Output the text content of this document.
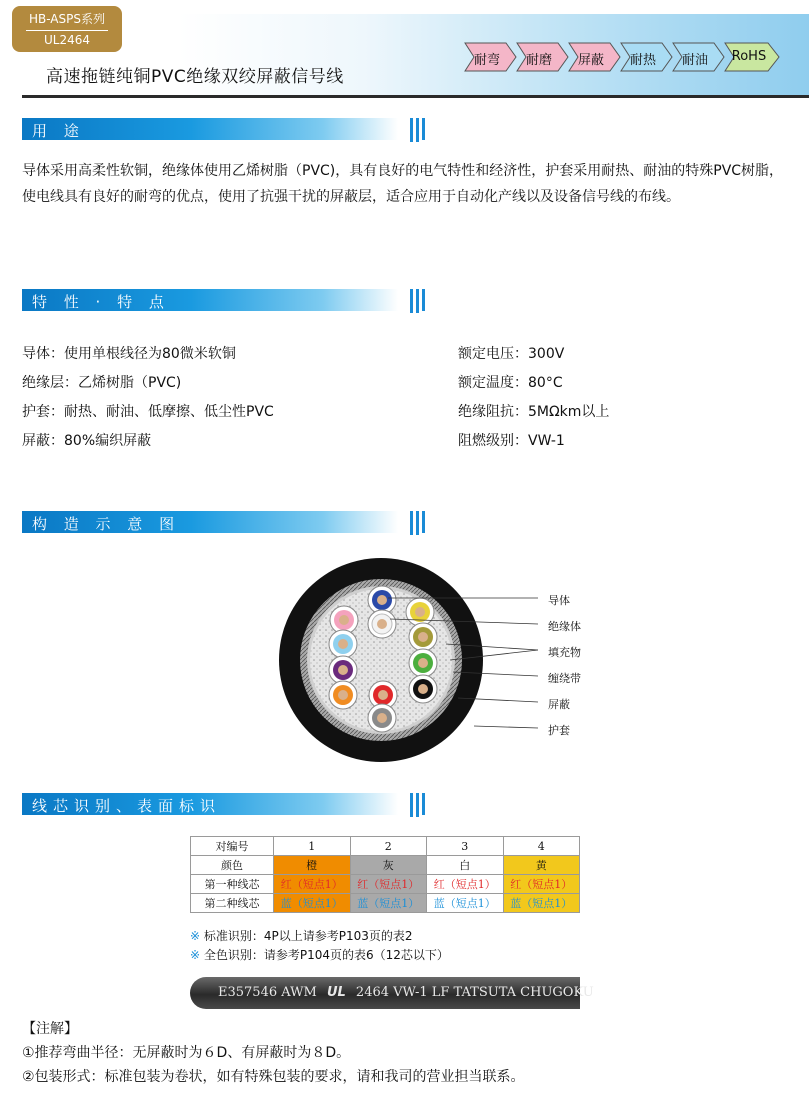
HB-ASPS系列
UL2464
高速拖链纯铜PVC绝缘双绞屏蔽信号线
耐弯	耐磨	屏蔽	耐热	耐油	RoHS
用 途
导体采用高柔性软铜，绝缘体使用乙烯树脂（PVC)，具有良好的电气特性和经济性，护套采用耐热、耐油的特殊PVC树脂，使电线具有良好的耐弯的优点，使用了抗强干扰的屏蔽层，适合应用于自动化产线以及设备信号线的布线。
特 性 · 特 点
导体：使用单根线径为80微米软铜
绝缘层：乙烯树脂（PVC)
护套：耐热、耐油、低摩擦、低尘性PVC
屏蔽：80%编织屏蔽
额定电压：300V
额定温度：80°C
绝缘阻抗：5MΩkm以上
阻燃级别：VW-1
构 造 示 意 图
导体
绝缘体
填充物
缠绕带
屏蔽
护套
线芯识别、表面标识
对编号	1	2	3	4
颜色	橙	灰	白	黄
第一种线芯	红（短点1）	红（短点1）	红（短点1）	红（短点1）
第二种线芯	蓝（短点1）	蓝（短点1）	蓝（短点1）	蓝（短点1）
※ 标准识别：4P以上请参考P103页的表2
※ 全色识别：请参考P104页的表6（12芯以下）
E357546 AWM UL 2464 VW-1 LF TATSUTA CHUGOKU
【注解】
①推荐弯曲半径：无屏蔽时为６D、有屏蔽时为８D。
②包装形式：标准包装为卷状，如有特殊包装的要求，请和我司的营业担当联系。
